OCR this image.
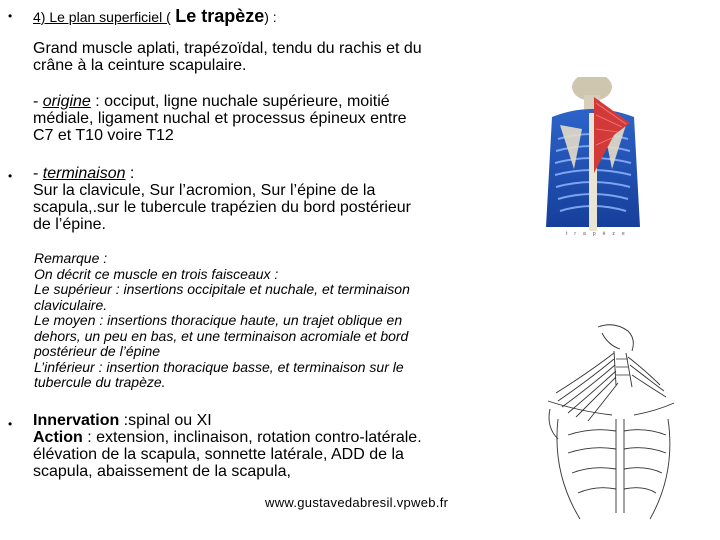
• 4) Le plan superficiel ( Le trapèze) :
Grand muscle aplati, trapézoïdal, tendu du rachis et du
crâne à la ceinture scapulaire.
- origine : occiput, ligne nuchale supérieure, moitié
médiale, ligament nuchal et processus épineux entre
C7 et T10 voire T12
• - terminaison :
Sur la clavicule, Sur l’acromion, Sur l’épine de la
scapula,.sur le tubercule trapézien du bord postérieur
de l’épine.
Remarque :
On décrit ce muscle en trois faisceaux :
Le supérieur : insertions occipitale et nuchale, et terminaison
claviculaire.
Le moyen : insertions thoracique haute, un trajet oblique en
dehors, un peu en bas, et une terminaison acromiale et bord
postérieur de l’épine
L’inférieur : insertion thoracique basse, et terminaison sur le
tubercule du trapèze.
• Innervation :spinal ou XI
Action : extension, inclinaison, rotation contro-latérale.
élévation de la scapula, sonnette latérale, ADD de la
scapula, abaissement de la scapula,
www.gustavedabresil.vpweb.fr
trapèze
